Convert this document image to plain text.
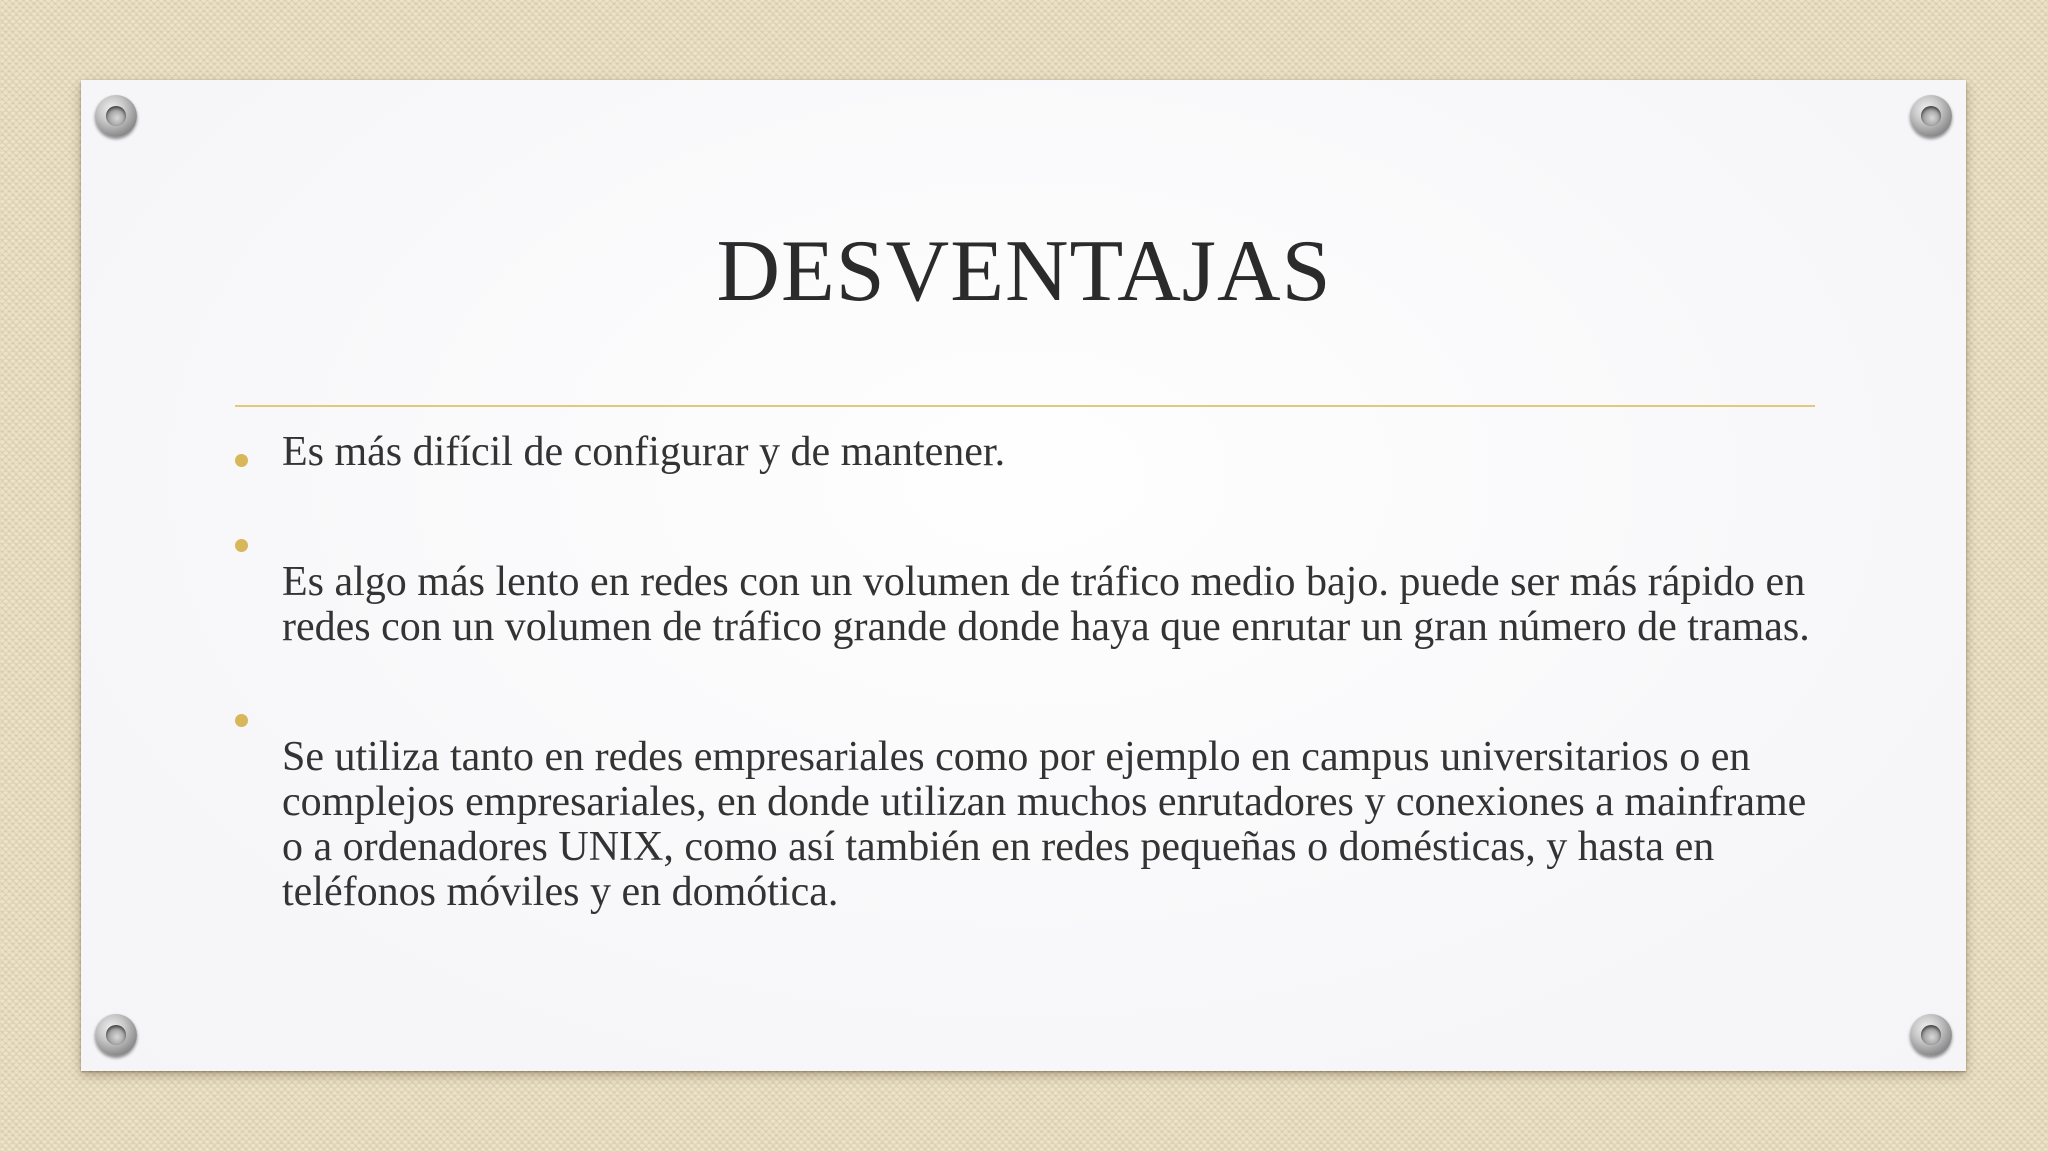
DESVENTAJAS
Es más difícil de configurar y de mantener.
Es algo más lento en redes con un volumen de tráfico medio bajo. puede ser más rápido en redes con un volumen de tráfico grande donde haya que enrutar un gran número de tramas.
Se utiliza tanto en redes empresariales como por ejemplo en campus universitarios o en complejos empresariales, en donde utilizan muchos enrutadores y conexiones a mainframe o a ordenadores UNIX, como así también en redes pequeñas o domésticas, y hasta en teléfonos móviles y en domótica.
